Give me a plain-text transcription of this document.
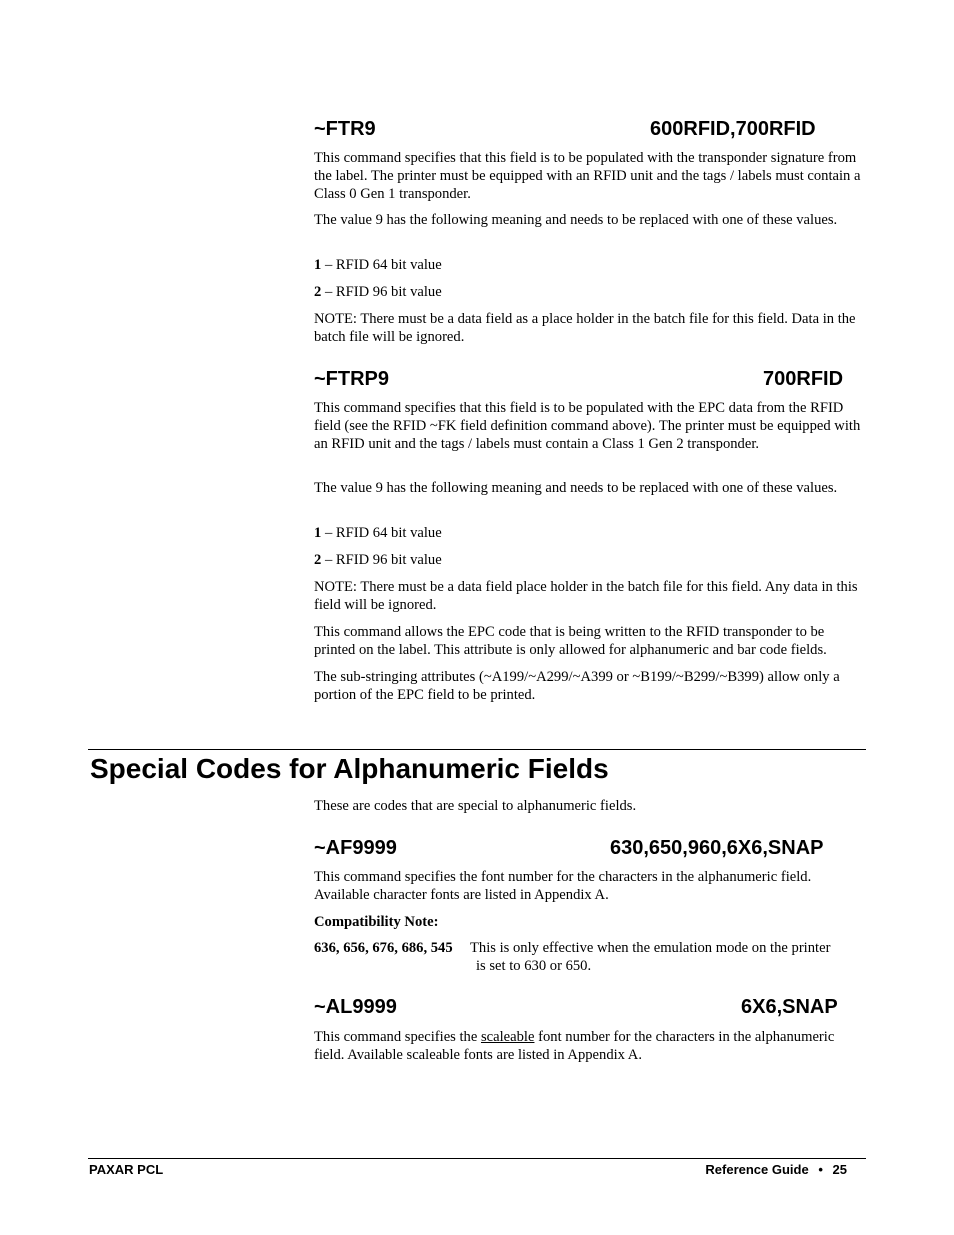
~FTR9	600RFID,700RFID

This command specifies that this field is to be populated with the transponder signature from the label. The printer must be equipped with an RFID unit and the tags / labels must contain a Class 0 Gen 1 transponder.

The value 9 has the following meaning and needs to be replaced with one of these values.

1 – RFID 64 bit value

2 – RFID 96 bit value

NOTE: There must be a data field as a place holder in the batch file for this field. Data in the batch file will be ignored.

~FTRP9	700RFID

This command specifies that this field is to be populated with the EPC data from the RFID field (see the RFID ~FK field definition command above). The printer must be equipped with an RFID unit and the tags / labels must contain a Class 1 Gen 2 transponder.

The value 9 has the following meaning and needs to be replaced with one of these values.

1 – RFID 64 bit value

2 – RFID 96 bit value

NOTE: There must be a data field place holder in the batch file for this field. Any data in this field will be ignored.

This command allows the EPC code that is being written to the RFID transponder to be printed on the label. This attribute is only allowed for alphanumeric and bar code fields.

The sub-stringing attributes (~A199/~A299/~A399 or ~B199/~B299/~B399) allow only a portion of the EPC field to be printed.

Special Codes for Alphanumeric Fields

These are codes that are special to alphanumeric fields.

~AF9999	630,650,960,6X6,SNAP

This command specifies the font number for the characters in the alphanumeric field. Available character fonts are listed in Appendix A.

Compatibility Note:

636, 656, 676, 686, 545 This is only effective when the emulation mode on the printer
is set to 630 or 650.
~AL9999	6X6,SNAP

This command specifies the scaleable font number for the characters in the alphanumeric field. Available scaleable fonts are listed in Appendix A.

PAXAR PCL	Reference Guide • 25
